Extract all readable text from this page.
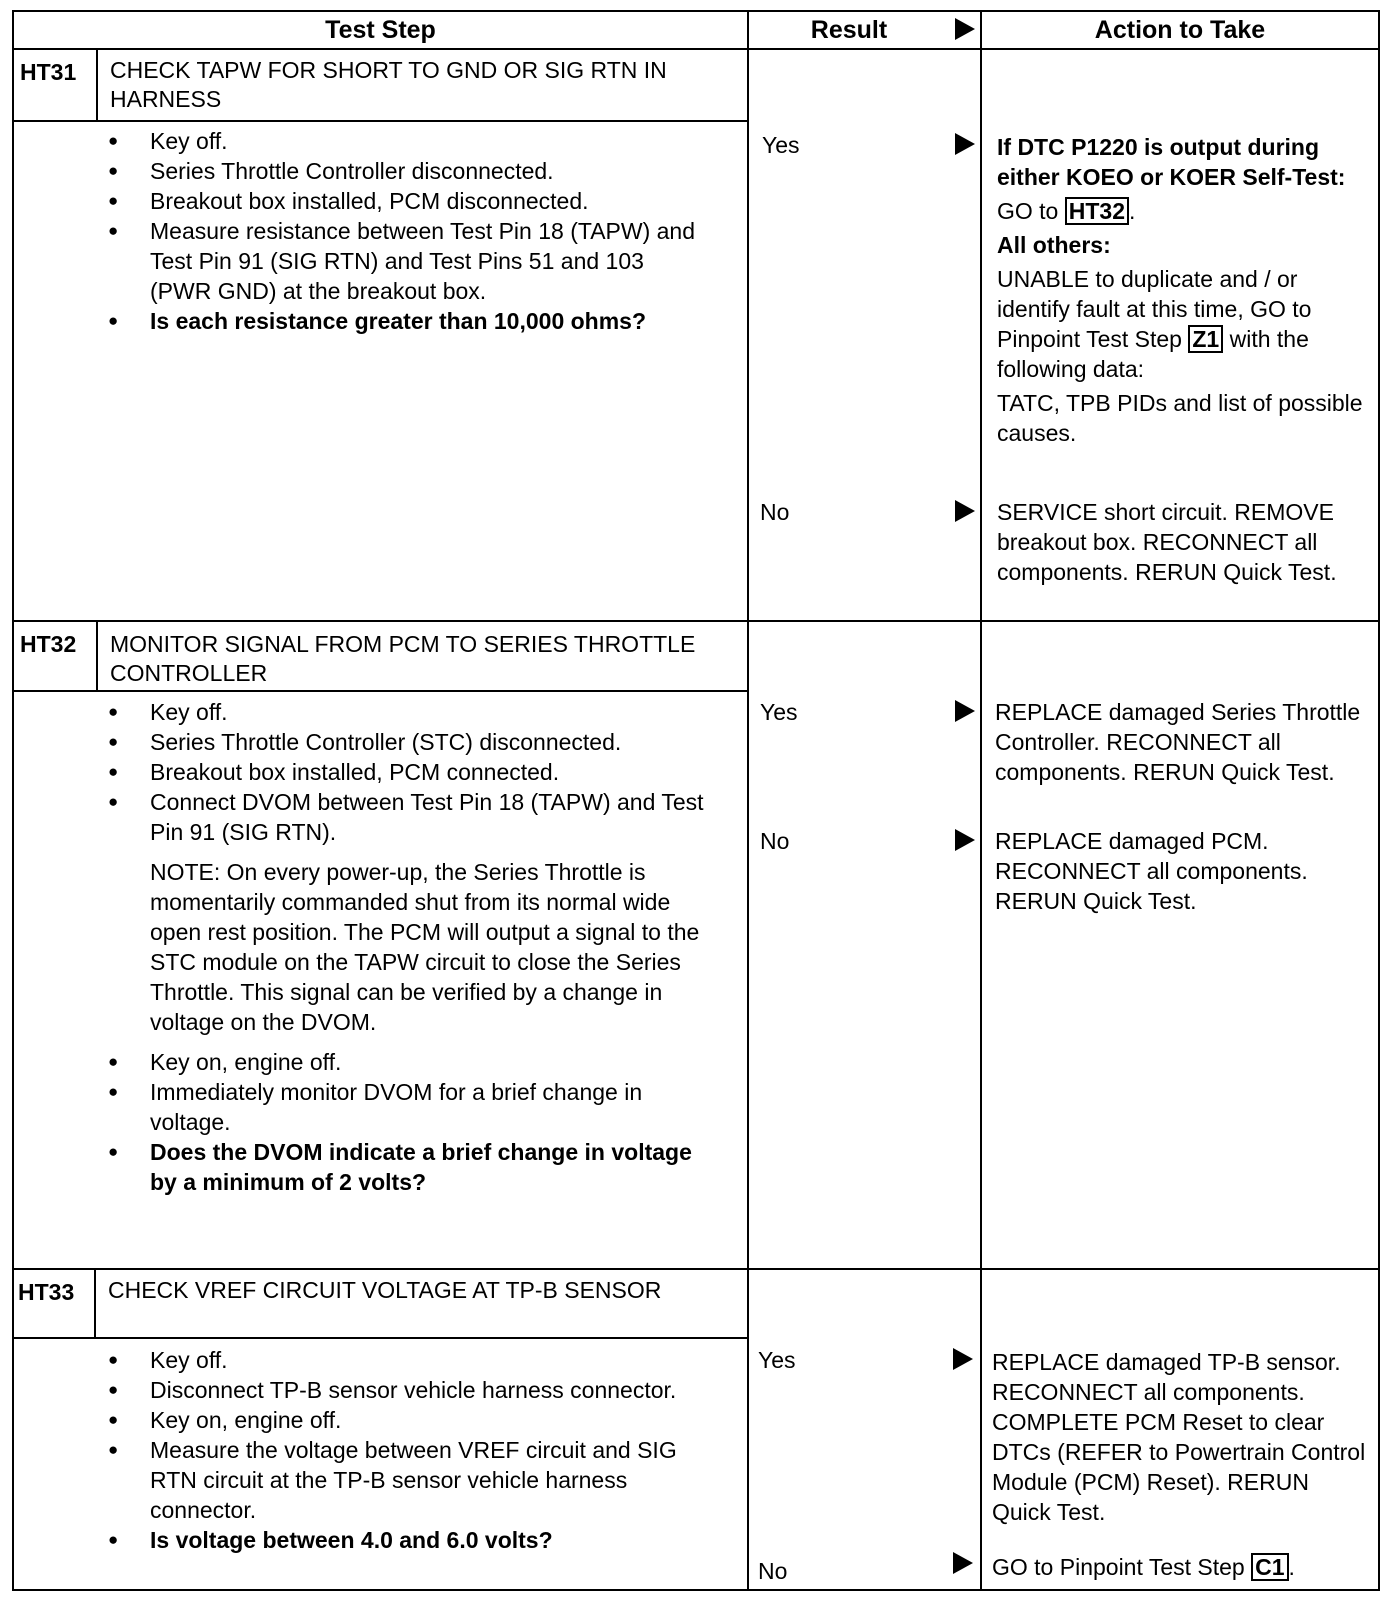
Test Step	Result	Action to Take
HT31 CHECK TAPW FOR SHORT TO GND OR SIG RTN IN HARNESS
● Key off.
● Series Throttle Controller disconnected.
● Breakout box installed, PCM disconnected.
● Measure resistance between Test Pin 18 (TAPW) and Test Pin 91 (SIG RTN) and Test Pins 51 and 103 (PWR GND) at the breakout box.
● Is each resistance greater than 10,000 ohms?
Yes	If DTC P1220 is output during either KOEO or KOER Self-Test:

GO to HT32 .

All others:

UNABLE to duplicate and / or identify fault at this time, GO to Pinpoint Test Step Z1 with the following data:

TATC, TPB PIDs and list of possible causes.

No	SERVICE short circuit. REMOVE breakout box. RECONNECT all components. RERUN Quick Test.
HT32 MONITOR SIGNAL FROM PCM TO SERIES THROTTLE CONTROLLER
● Key off.
● Series Throttle Controller (STC) disconnected.
● Breakout box installed, PCM connected.
● Connect DVOM between Test Pin 18 (TAPW) and Test Pin 91 (SIG RTN).
NOTE: On every power-up, the Series Throttle is momentarily commanded shut from its normal wide open rest position. The PCM will output a signal to the STC module on the TAPW circuit to close the Series Throttle. This signal can be verified by a change in voltage on the DVOM.
● Key on, engine off.
● Immediately monitor DVOM for a brief change in voltage.
● Does the DVOM indicate a brief change in voltage by a minimum of 2 volts?
Yes	REPLACE damaged Series Throttle Controller. RECONNECT all components. RERUN Quick Test.
No	REPLACE damaged PCM. RECONNECT all components. RERUN Quick Test.
HT33 CHECK VREF CIRCUIT VOLTAGE AT TP-B SENSOR
● Key off.
● Disconnect TP-B sensor vehicle harness connector.
● Key on, engine off.
● Measure the voltage between VREF circuit and SIG RTN circuit at the TP-B sensor vehicle harness connector.
● Is voltage between 4.0 and 6.0 volts?
Yes	REPLACE damaged TP-B sensor. RECONNECT all components. COMPLETE PCM Reset to clear DTCs (REFER to Powertrain Control Module (PCM) Reset). RERUN Quick Test.
No	GO to Pinpoint Test Step C1 .
